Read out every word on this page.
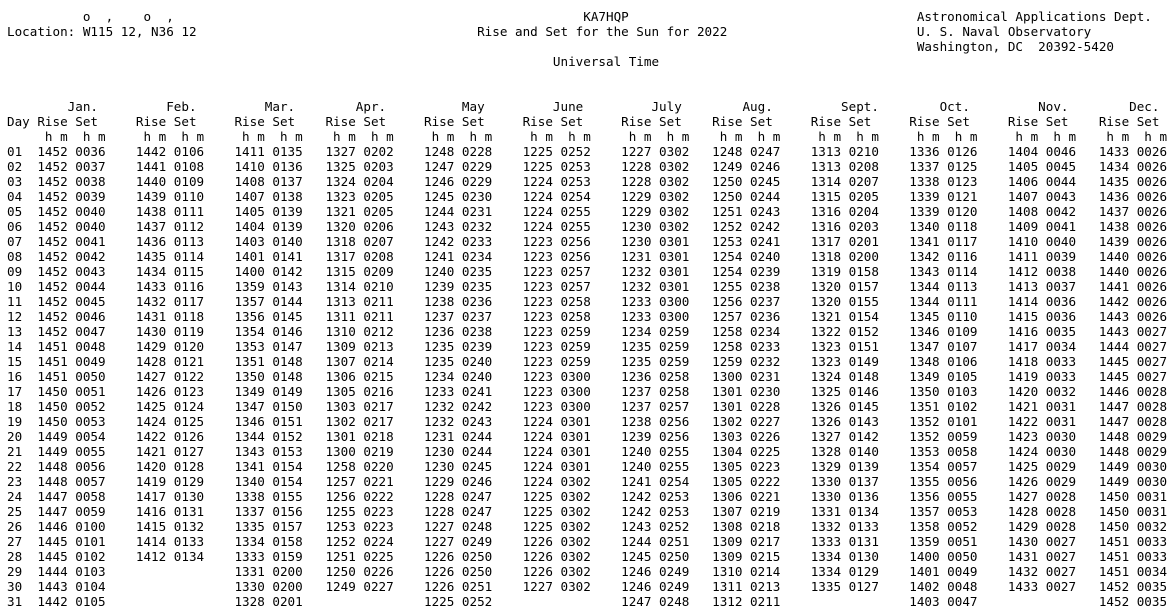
o  ,    o  ,                                                      KA7HQP                                      Astronomical Applications Dept.
Location: W115 12, N36 12                                     Rise and Set for the Sun for 2022                         U. S. Naval Observatory
Washington, DC  20392-5420
Universal Time

Jan.         Feb.         Mar.        Apr.          May         June         July        Aug.         Sept.        Oct.         Nov.        Dec.
Day Rise Set     Rise Set     Rise Set    Rise Set     Rise Set     Rise Set     Rise Set    Rise Set     Rise Set     Rise Set     Rise Set    Rise Set
h m  h m     h m  h m     h m  h m    h m  h m     h m  h m     h m  h m     h m  h m    h m  h m     h m  h m     h m  h m     h m  h m    h m  h m
01  1452 0036    1442 0106    1411 0135   1327 0202    1248 0228    1225 0252    1227 0302   1248 0247    1313 0210    1336 0126    1404 0046   1433 0026
02  1452 0037    1441 0108    1410 0136   1325 0203    1247 0229    1225 0253    1228 0302   1249 0246    1313 0208    1337 0125    1405 0045   1434 0026
03  1452 0038    1440 0109    1408 0137   1324 0204    1246 0229    1224 0253    1228 0302   1250 0245    1314 0207    1338 0123    1406 0044   1435 0026
04  1452 0039    1439 0110    1407 0138   1323 0205    1245 0230    1224 0254    1229 0302   1250 0244    1315 0205    1339 0121    1407 0043   1436 0026
05  1452 0040    1438 0111    1405 0139   1321 0205    1244 0231    1224 0255    1229 0302   1251 0243    1316 0204    1339 0120    1408 0042   1437 0026
06  1452 0040    1437 0112    1404 0139   1320 0206    1243 0232    1224 0255    1230 0302   1252 0242    1316 0203    1340 0118    1409 0041   1438 0026
07  1452 0041    1436 0113    1403 0140   1318 0207    1242 0233    1223 0256    1230 0301   1253 0241    1317 0201    1341 0117    1410 0040   1439 0026
08  1452 0042    1435 0114    1401 0141   1317 0208    1241 0234    1223 0256    1231 0301   1254 0240    1318 0200    1342 0116    1411 0039   1440 0026
09  1452 0043    1434 0115    1400 0142   1315 0209    1240 0235    1223 0257    1232 0301   1254 0239    1319 0158    1343 0114    1412 0038   1440 0026
10  1452 0044    1433 0116    1359 0143   1314 0210    1239 0235    1223 0257    1232 0301   1255 0238    1320 0157    1344 0113    1413 0037   1441 0026
11  1452 0045    1432 0117    1357 0144   1313 0211    1238 0236    1223 0258    1233 0300   1256 0237    1320 0155    1344 0111    1414 0036   1442 0026
12  1452 0046    1431 0118    1356 0145   1311 0211    1237 0237    1223 0258    1233 0300   1257 0236    1321 0154    1345 0110    1415 0036   1443 0026
13  1452 0047    1430 0119    1354 0146   1310 0212    1236 0238    1223 0259    1234 0259   1258 0234    1322 0152    1346 0109    1416 0035   1443 0027
14  1451 0048    1429 0120    1353 0147   1309 0213    1235 0239    1223 0259    1235 0259   1258 0233    1323 0151    1347 0107    1417 0034   1444 0027
15  1451 0049    1428 0121    1351 0148   1307 0214    1235 0240    1223 0259    1235 0259   1259 0232    1323 0149    1348 0106    1418 0033   1445 0027
16  1451 0050    1427 0122    1350 0148   1306 0215    1234 0240    1223 0300    1236 0258   1300 0231    1324 0148    1349 0105    1419 0033   1445 0027
17  1450 0051    1426 0123    1349 0149   1305 0216    1233 0241    1223 0300    1237 0258   1301 0230    1325 0146    1350 0103    1420 0032   1446 0028
18  1450 0052    1425 0124    1347 0150   1303 0217    1232 0242    1223 0300    1237 0257   1301 0228    1326 0145    1351 0102    1421 0031   1447 0028
19  1450 0053    1424 0125    1346 0151   1302 0217    1232 0243    1224 0301    1238 0256   1302 0227    1326 0143    1352 0101    1422 0031   1447 0028
20  1449 0054    1422 0126    1344 0152   1301 0218    1231 0244    1224 0301    1239 0256   1303 0226    1327 0142    1352 0059    1423 0030   1448 0029
21  1449 0055    1421 0127    1343 0153   1300 0219    1230 0244    1224 0301    1240 0255   1304 0225    1328 0140    1353 0058    1424 0030   1448 0029
22  1448 0056    1420 0128    1341 0154   1258 0220    1230 0245    1224 0301    1240 0255   1305 0223    1329 0139    1354 0057    1425 0029   1449 0030
23  1448 0057    1419 0129    1340 0154   1257 0221    1229 0246    1224 0302    1241 0254   1305 0222    1330 0137    1355 0056    1426 0029   1449 0030
24  1447 0058    1417 0130    1338 0155   1256 0222    1228 0247    1225 0302    1242 0253   1306 0221    1330 0136    1356 0055    1427 0028   1450 0031
25  1447 0059    1416 0131    1337 0156   1255 0223    1228 0247    1225 0302    1242 0253   1307 0219    1331 0134    1357 0053    1428 0028   1450 0031
26  1446 0100    1415 0132    1335 0157   1253 0223    1227 0248    1225 0302    1243 0252   1308 0218    1332 0133    1358 0052    1429 0028   1450 0032
27  1445 0101    1414 0133    1334 0158   1252 0224    1227 0249    1226 0302    1244 0251   1309 0217    1333 0131    1359 0051    1430 0027   1451 0033
28  1445 0102    1412 0134    1333 0159   1251 0225    1226 0250    1226 0302    1245 0250   1309 0215    1334 0130    1400 0050    1431 0027   1451 0033
29  1444 0103                 1331 0200   1250 0226    1226 0250    1226 0302    1246 0249   1310 0214    1334 0129    1401 0049    1432 0027   1451 0034
30  1443 0104                 1330 0200   1249 0227    1226 0251    1227 0302    1246 0249   1311 0213    1335 0127    1402 0048    1433 0027   1452 0035
31  1442 0105                 1328 0201                1225 0252                 1247 0248   1312 0211                 1403 0047                1452 0035
